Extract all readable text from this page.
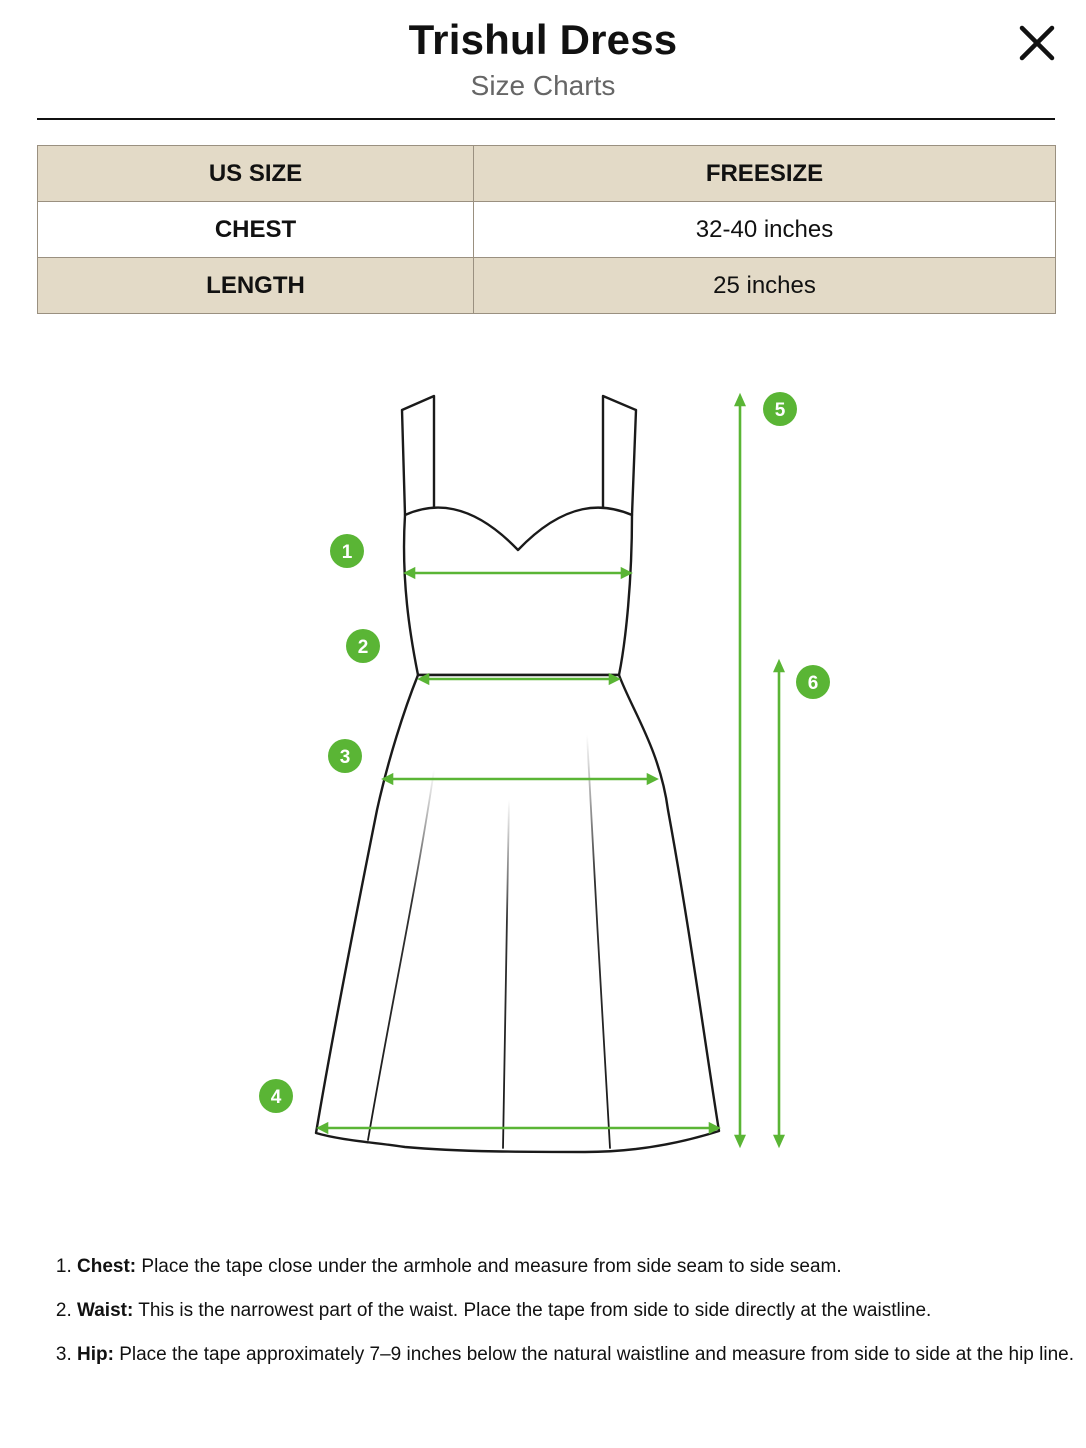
Trishul Dress
Size Charts
US SIZE	FREESIZE
CHEST	32-40 inches
LENGTH	25 inches
1
2
3
4
5
6
1. Chest: Place the tape close under the armhole and measure from side seam to side seam.
2. Waist: This is the narrowest part of the waist. Place the tape from side to side directly at the waistline.
3. Hip: Place the tape approximately 7–9 inches below the natural waistline and measure from side to side at the hip line.
